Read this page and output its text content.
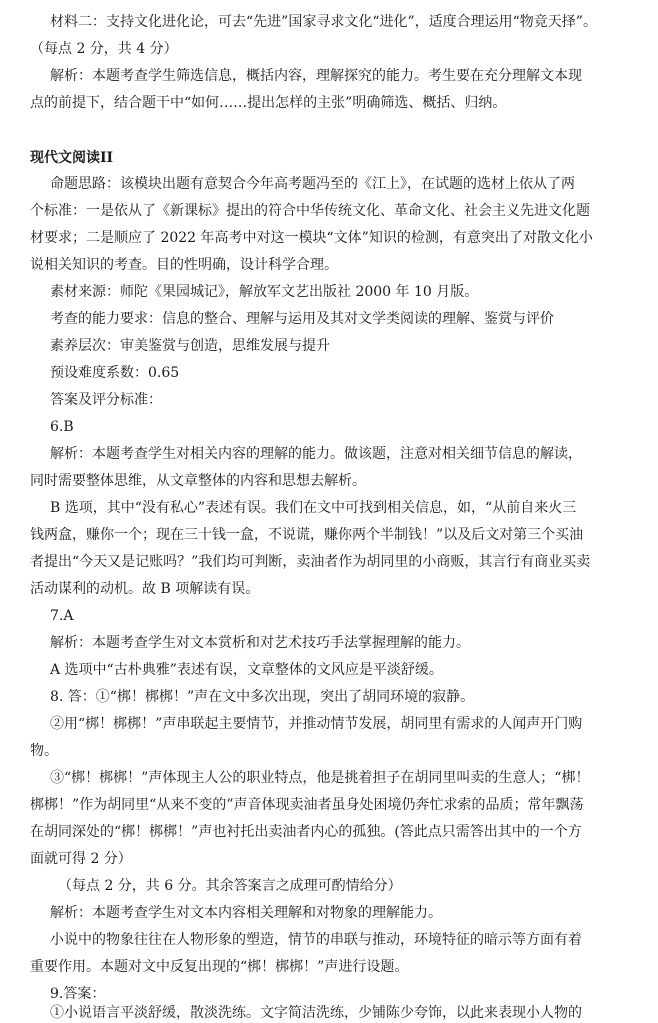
材料二：支持文化进化论，可去“先进”国家寻求文化“进化”，适度合理运用“物竞天择”。
（每点 2 分，共 4 分）
解析：本题考查学生筛选信息，概括内容，理解探究的能力。考生要在充分理解文本现
点的前提下，结合题干中“如何……提出怎样的主张”明确筛选、概括、归纳。
现代文阅读II
命题思路：该模块出题有意契合今年高考题冯至的《江上》，在试题的选材上依从了两
个标准：一是依从了《新课标》提出的符合中华传统文化、革命文化、社会主义先进文化题
材要求；二是顺应了 2022 年高考中对这一模块“文体”知识的检测，有意突出了对散文化小
说相关知识的考查。目的性明确，设计科学合理。
素材来源：师陀《果园城记》，解放军文艺出版社 2000 年 10 月版。
考查的能力要求：信息的整合、理解与运用及其对文学类阅读的理解、鉴赏与评价
素养层次：审美鉴赏与创造，思维发展与提升
预设难度系数：0.65
答案及评分标准：
6.B
解析：本题考查学生对相关内容的理解的能力。做该题，注意对相关细节信息的解读，
同时需要整体思维，从文章整体的内容和思想去解析。
B 选项，其中“没有私心”表述有误。我们在文中可找到相关信息，如，“从前自来火三
钱两盒，赚你一个；现在三十钱一盒，不说谎，赚你两个半制钱！”以及后文对第三个买油
者提出“今天又是记账吗？”我们均可判断，卖油者作为胡同里的小商贩，其言行有商业买卖
活动谋利的动机。故 B 项解读有误。
7.A
解析：本题考查学生对文本赏析和对艺术技巧手法掌握理解的能力。
A 选项中“古朴典雅”表述有误，文章整体的文风应是平淡舒缓。
8. 答：①“梆！梆梆！”声在文中多次出现，突出了胡同环境的寂静。
②用“梆！梆梆！”声串联起主要情节，并推动情节发展，胡同里有需求的人闻声开门购
物。
③“梆！梆梆！”声体现主人公的职业特点，他是挑着担子在胡同里叫卖的生意人；“梆！
梆梆！”作为胡同里“从来不变的”声音体现卖油者虽身处困境仍奔忙求索的品质；常年飘荡
在胡同深处的“梆！梆梆！”声也衬托出卖油者内心的孤独。(答此点只需答出其中的一个方
面就可得 2 分）
（每点 2 分，共 6 分。其余答案言之成理可酌情给分）
解析：本题考查学生对文本内容相关理解和对物象的理解能力。
小说中的物象往往在人物形象的塑造，情节的串联与推动，环境特征的暗示等方面有着
重要作用。本题对文中反复出现的“梆！梆梆！”声进行设题。
9.答案：
①小说语言平淡舒缓，散淡洗练。文字简洁洗练，少铺陈少夸饰，以此来表现小人物的
